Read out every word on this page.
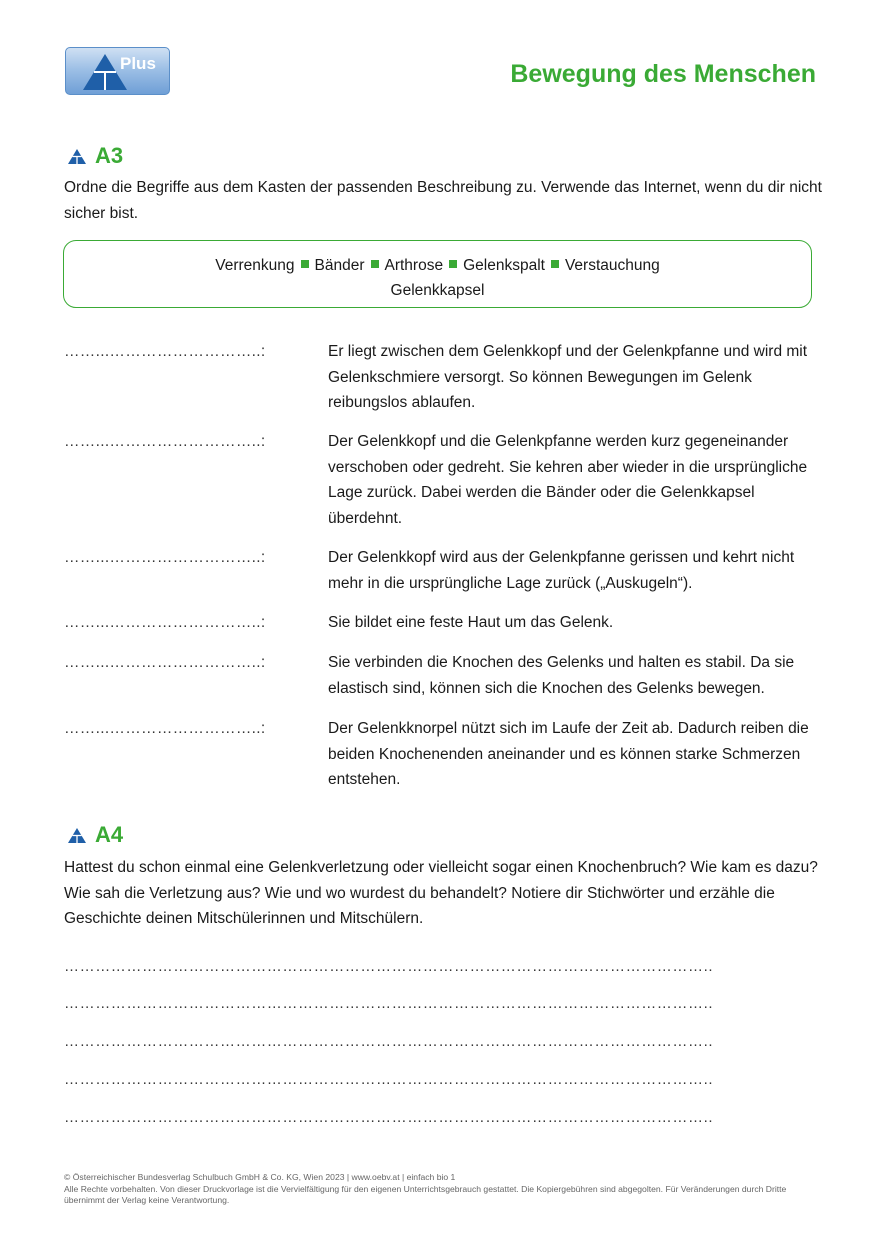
Plus	Bewegung des Menschen
A3

Ordne die Begriffe aus dem Kasten der passenden Beschreibung zu. Verwende das Internet, wenn du dir nicht sicher bist.

Verrenkung Bänder Arthrose Gelenkspalt Verstauchung
Gelenkkapsel
……...………………………..:	Er liegt zwischen dem Gelenkkopf und der Gelenkpfanne und wird mit Gelenkschmiere versorgt. So können Bewegungen im Gelenk reibungslos ablaufen.

……...………………………..:	Der Gelenkkopf und die Gelenkpfanne werden kurz gegeneinander verschoben oder gedreht. Sie kehren aber wieder in die ursprüngliche Lage zurück. Dabei werden die Bänder oder die Gelenkkapsel überdehnt.

……...………………………..:	Der Gelenkkopf wird aus der Gelenkpfanne gerissen und kehrt nicht mehr in die ursprüngliche Lage zurück („Auskugeln“).

……...………………………..:	Sie bildet eine feste Haut um das Gelenk.

……...………………………..:	Sie verbinden die Knochen des Gelenks und halten es stabil. Da sie elastisch sind, können sich die Knochen des Gelenks bewegen.

……...………………………..:	Der Gelenkknorpel nützt sich im Laufe der Zeit ab. Dadurch reiben die beiden Knochenenden aneinander und es können starke Schmerzen entstehen.

A4

Hattest du schon einmal eine Gelenkverletzung oder vielleicht sogar einen Knochenbruch? Wie kam es dazu? Wie sah die Verletzung aus? Wie und wo wurdest du behandelt? Notiere dir Stichwörter und erzähle die Geschichte deinen Mitschülerinnen und Mitschülern.

……………………………………………………………………………………………………………..
……………………………………………………………………………………………………………..
……………………………………………………………………………………………………………..
……………………………………………………………………………………………………………..
……………………………………………………………………………………………………………..
© Österreichischer Bundesverlag Schulbuch GmbH & Co. KG, Wien 2023 | www.oebv.at | einfach bio 1
Alle Rechte vorbehalten. Von dieser Druckvorlage ist die Vervielfältigung für den eigenen Unterrichtsgebrauch gestattet. Die Kopiergebühren sind abgegolten. Für Veränderungen durch Dritte übernimmt der Verlag keine Verantwortung.
